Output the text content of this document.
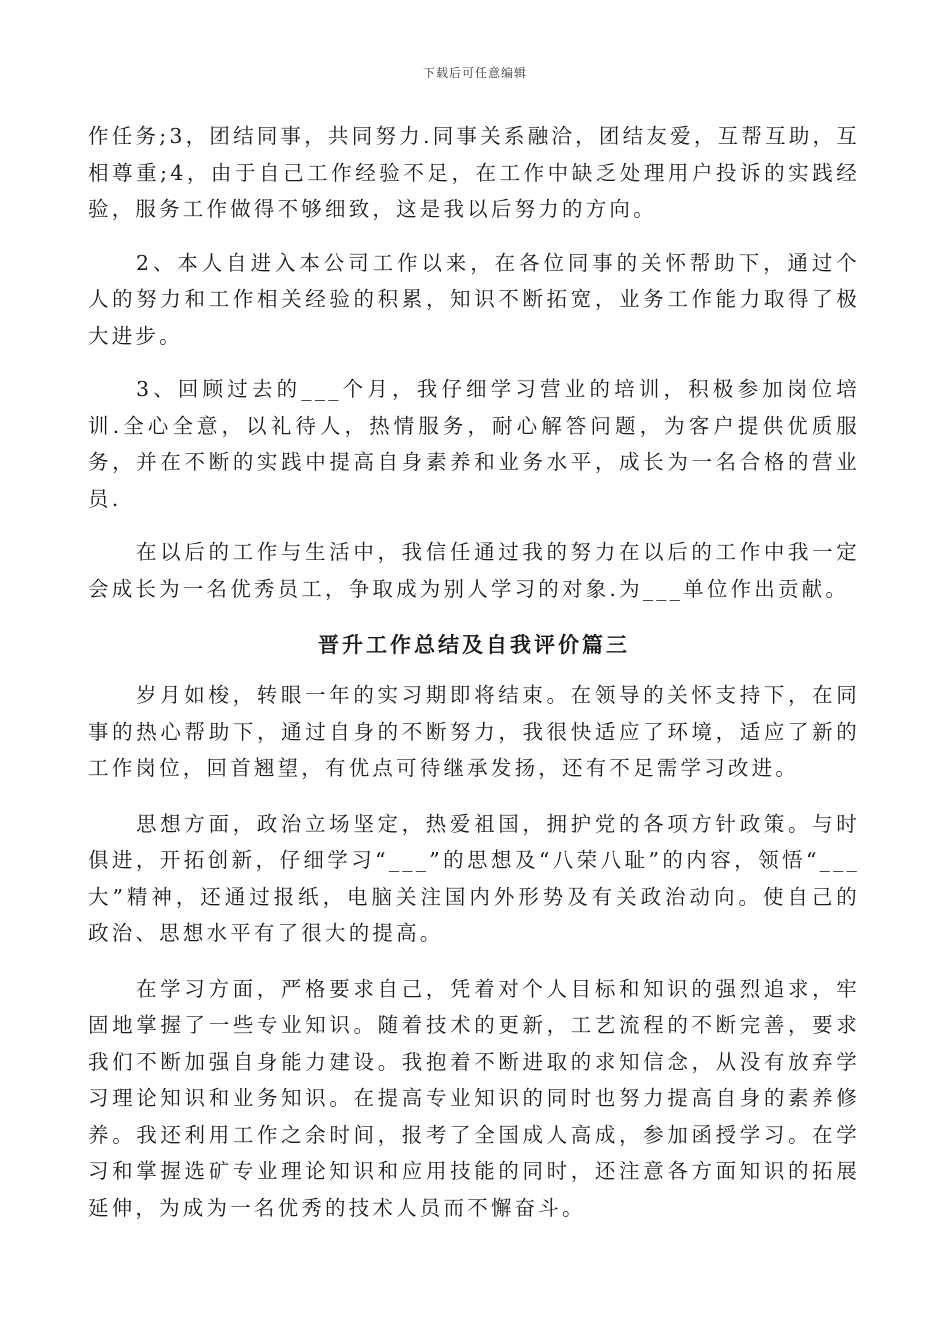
下载后可任意编辑

作任务;3，团结同事，共同努力.同事关系融洽，团结友爱，互帮互助，互相尊重;4，由于自己工作经验不足，在工作中缺乏处理用户投诉的实践经验，服务工作做得不够细致，这是我以后努力的方向。

2、本人自进入本公司工作以来，在各位同事的关怀帮助下，通过个人的努力和工作相关经验的积累，知识不断拓宽，业务工作能力取得了极大进步。

3、回顾过去的___个月，我仔细学习营业的培训，积极参加岗位培训.全心全意，以礼待人，热情服务，耐心解答问题，为客户提供优质服务，并在不断的实践中提高自身素养和业务水平，成长为一名合格的营业员.

在以后的工作与生活中，我信任通过我的努力在以后的工作中我一定会成长为一名优秀员工，争取成为别人学习的对象.为___单位作出贡献。

晋升工作总结及自我评价篇三

岁月如梭，转眼一年的实习期即将结束。在领导的关怀支持下，在同事的热心帮助下，通过自身的不断努力，我很快适应了环境，适应了新的工作岗位，回首翘望，有优点可待继承发扬，还有不足需学习改进。

思想方面，政治立场坚定，热爱祖国，拥护党的各项方针政策。与时俱进，开拓创新，仔细学习“___”的思想及“八荣八耻”的内容，领悟“___大”精神，还通过报纸，电脑关注国内外形势及有关政治动向。使自己的政治、思想水平有了很大的提高。

在学习方面，严格要求自己，凭着对个人目标和知识的强烈追求，牢固地掌握了一些专业知识。随着技术的更新，工艺流程的不断完善，要求我们不断加强自身能力建设。我抱着不断进取的求知信念，从没有放弃学习理论知识和业务知识。在提高专业知识的同时也努力提高自身的素养修养。我还利用工作之余时间，报考了全国成人高成，参加函授学习。在学习和掌握选矿专业理论知识和应用技能的同时，还注意各方面知识的拓展延伸，为成为一名优秀的技术人员而不懈奋斗。
